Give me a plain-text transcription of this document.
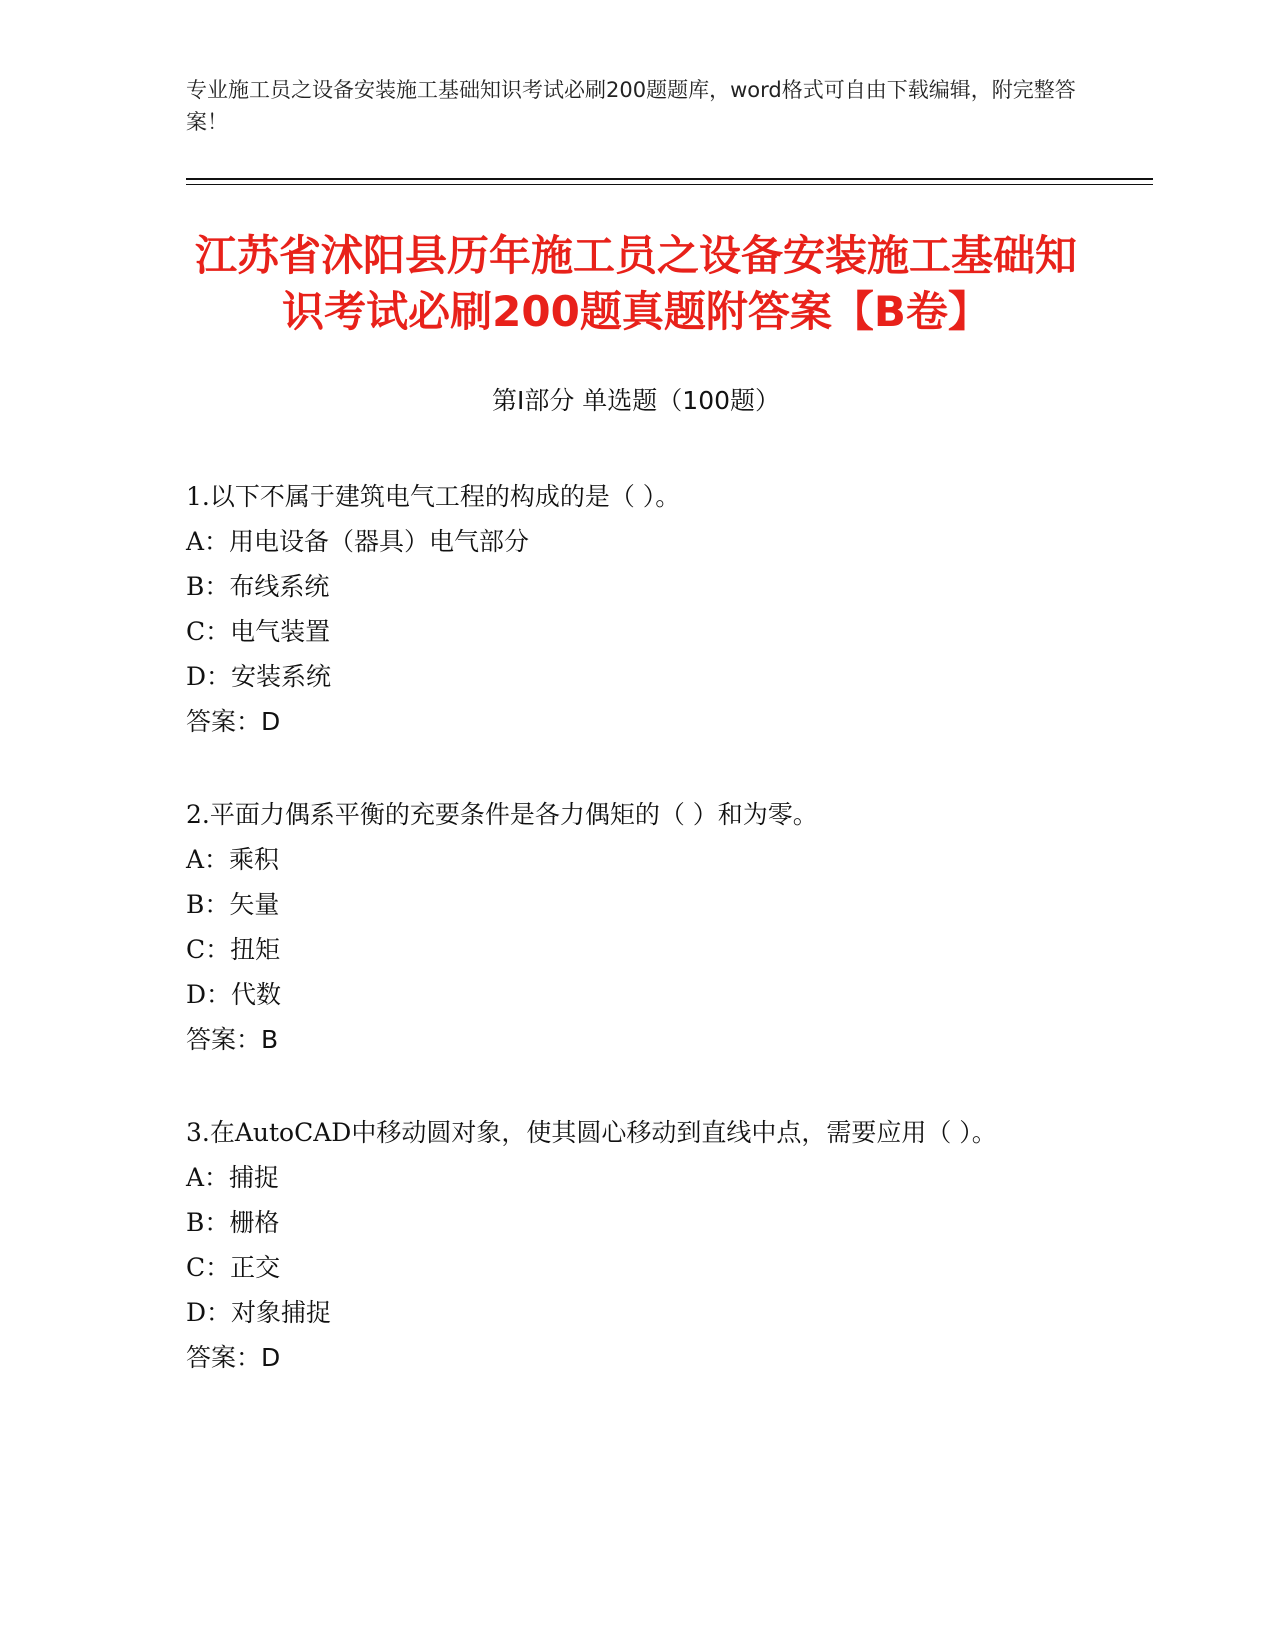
专业施工员之设备安装施工基础知识考试必刷200题题库，word格式可自由下载编辑，附完整答案！
江苏省沭阳县历年施工员之设备安装施工基础知识考试必刷200题真题附答案【B卷】
第Ⅰ部分 单选题（100题）

1.以下不属于建筑电气工程的构成的是（ ）。

A：用电设备（器具）电气部分

B：布线系统

C：电气装置

D：安装系统

答案：D

2.平面力偶系平衡的充要条件是各力偶矩的（ ）和为零。

A：乘积

B：矢量

C：扭矩

D：代数

答案：B

3.在AutoCAD中移动圆对象，使其圆心移动到直线中点，需要应用（ ）。

A：捕捉

B：栅格

C：正交

D：对象捕捉

答案：D
